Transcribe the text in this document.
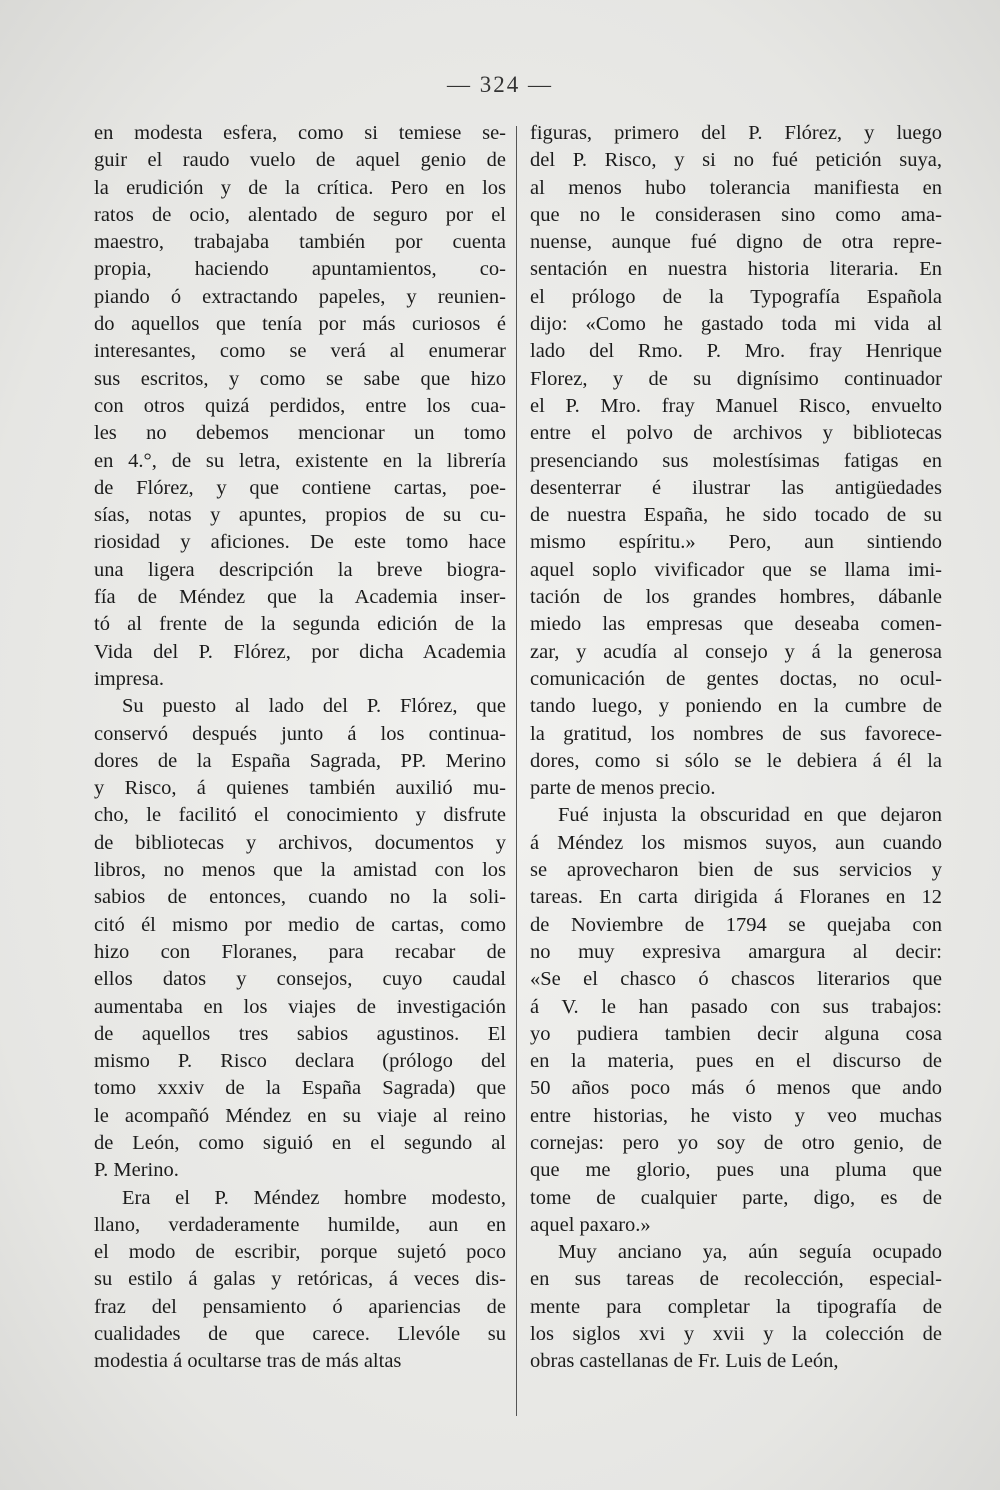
— 324 —
en modesta esfera, como si temiese se-
guir el raudo vuelo de aquel genio de
la erudición y de la crítica. Pero en los
ratos de ocio, alentado de seguro por el
maestro, trabajaba también por cuenta
propia, haciendo apuntamientos, co-
piando ó extractando papeles, y reunien-
do aquellos que tenía por más curiosos é
interesantes, como se verá al enumerar
sus escritos, y como se sabe que hizo
con otros quizá perdidos, entre los cua-
les no debemos mencionar un tomo
en 4.°, de su letra, existente en la librería
de Flórez, y que contiene cartas, poe-
sías, notas y apuntes, propios de su cu-
riosidad y aficiones. De este tomo hace
una ligera descripción la breve biogra-
fía de Méndez que la Academia inser-
tó al frente de la segunda edición de la
Vida del P. Flórez, por dicha Academia
impresa.
Su puesto al lado del P. Flórez, que
conservó después junto á los continua-
dores de la España Sagrada, PP. Merino
y Risco, á quienes también auxilió mu-
cho, le facilitó el conocimiento y disfrute
de bibliotecas y archivos, documentos y
libros, no menos que la amistad con los
sabios de entonces, cuando no la soli-
citó él mismo por medio de cartas, como
hizo con Floranes, para recabar de
ellos datos y consejos, cuyo caudal
aumentaba en los viajes de investigación
de aquellos tres sabios agustinos. El
mismo P. Risco declara (prólogo del
tomo xxxiv de la España Sagrada) que
le acompañó Méndez en su viaje al reino
de León, como siguió en el segundo al
P. Merino.
Era el P. Méndez hombre modesto,
llano, verdaderamente humilde, aun en
el modo de escribir, porque sujetó poco
su estilo á galas y retóricas, á veces dis-
fraz del pensamiento ó apariencias de
cualidades de que carece. Llevóle su
modestia á ocultarse tras de más altas
figuras, primero del P. Flórez, y luego
del P. Risco, y si no fué petición suya,
al menos hubo tolerancia manifiesta en
que no le considerasen sino como ama-
nuense, aunque fué digno de otra repre-
sentación en nuestra historia literaria. En
el prólogo de la Typografía Española
dijo: «Como he gastado toda mi vida al
lado del Rmo. P. Mro. fray Henrique
Florez, y de su dignísimo continuador
el P. Mro. fray Manuel Risco, envuelto
entre el polvo de archivos y bibliotecas
presenciando sus molestísimas fatigas en
desenterrar é ilustrar las antigüedades
de nuestra España, he sido tocado de su
mismo espíritu.» Pero, aun sintiendo
aquel soplo vivificador que se llama imi-
tación de los grandes hombres, dábanle
miedo las empresas que deseaba comen-
zar, y acudía al consejo y á la generosa
comunicación de gentes doctas, no ocul-
tando luego, y poniendo en la cumbre de
la gratitud, los nombres de sus favorece-
dores, como si sólo se le debiera á él la
parte de menos precio.
Fué injusta la obscuridad en que dejaron
á Méndez los mismos suyos, aun cuando
se aprovecharon bien de sus servicios y
tareas. En carta dirigida á Floranes en 12
de Noviembre de 1794 se quejaba con
no muy expresiva amargura al decir:
«Se el chasco ó chascos literarios que
á V. le han pasado con sus trabajos:
yo pudiera tambien decir alguna cosa
en la materia, pues en el discurso de
50 años poco más ó menos que ando
entre historias, he visto y veo muchas
cornejas: pero yo soy de otro genio, de
que me glorio, pues una pluma que
tome de cualquier parte, digo, es de
aquel paxaro.»
Muy anciano ya, aún seguía ocupado
en sus tareas de recolección, especial-
mente para completar la tipografía de
los siglos xvi y xvii y la colección de
obras castellanas de Fr. Luis de León,
